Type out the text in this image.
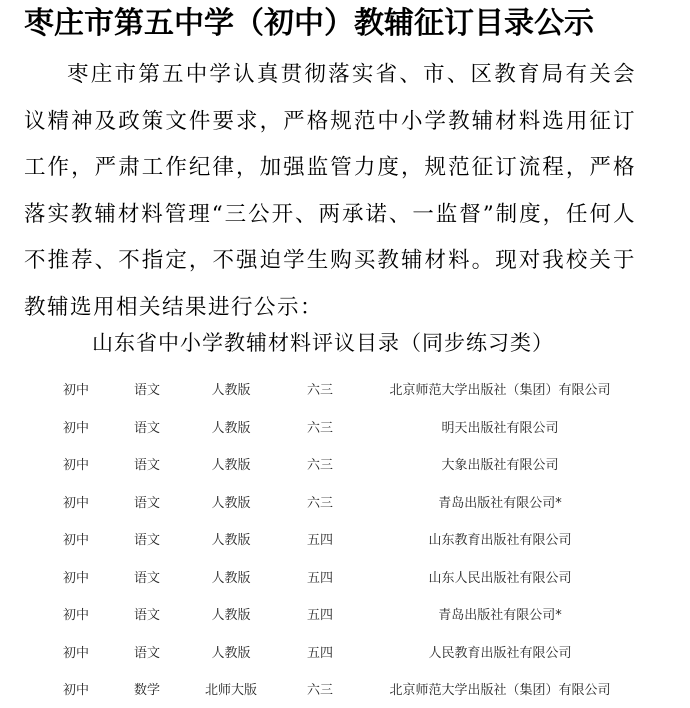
枣庄市第五中学（初中）教辅征订目录公示

枣庄市第五中学认真贯彻落实省、市、区教育局有关会议精神及政策文件要求，严格规范中小学教辅材料选用征订工作，严肃工作纪律，加强监管力度，规范征订流程，严格落实教辅材料管理“三公开、两承诺、一监督”制度，任何人不推荐、不指定，不强迫学生购买教辅材料。现对我校关于教辅选用相关结果进行公示：

山东省中小学教辅材料评议目录（同步练习类）
初中	语文	人教版	六三	北京师范大学出版社（集团）有限公司
初中	语文	人教版	六三	明天出版社有限公司
初中	语文	人教版	六三	大象出版社有限公司
初中	语文	人教版	六三	青岛出版社有限公司*
初中	语文	人教版	五四	山东教育出版社有限公司
初中	语文	人教版	五四	山东人民出版社有限公司
初中	语文	人教版	五四	青岛出版社有限公司*
初中	语文	人教版	五四	人民教育出版社有限公司
初中	数学	北师大版	六三	北京师范大学出版社（集团）有限公司
